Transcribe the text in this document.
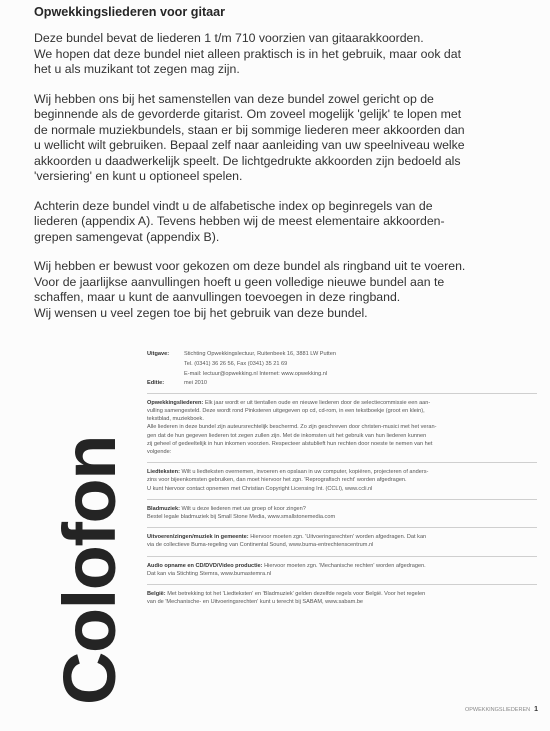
Opwekkingsliederen voor gitaar

Deze bundel bevat de liederen 1 t/m 710 voorzien van gitaarakkoorden.
We hopen dat deze bundel niet alleen praktisch is in het gebruik, maar ook dat
het u als muzikant tot zegen mag zijn.

Wij hebben ons bij het samenstellen van deze bundel zowel gericht op de
beginnende als de gevorderde gitarist. Om zoveel mogelijk 'gelijk' te lopen met
de normale muziekbundels, staan er bij sommige liederen meer akkoorden dan
u wellicht wilt gebruiken. Bepaal zelf naar aanleiding van uw speelniveau welke
akkoorden u daadwerkelijk speelt. De lichtgedrukte akkoorden zijn bedoeld als
'versiering' en kunt u optioneel spelen.

Achterin deze bundel vindt u de alfabetische index op beginregels van de
liederen (appendix A). Tevens hebben wij de meest elementaire akkoorden-
grepen samengevat (appendix B).

Wij hebben er bewust voor gekozen om deze bundel als ringband uit te voeren.
Voor de jaarlijkse aanvullingen hoeft u geen volledige nieuwe bundel aan te
schaffen, maar u kunt de aanvullingen toevoegen in deze ringband.
Wij wensen u veel zegen toe bij het gebruik van deze bundel.

Colofon
Uitgave:	Stichting Opwekkingslectuur, Ruitenbeek 16, 3881 LW Putten
Tel. (0341) 36 26 56, Fax (0341) 35 21 69
E-mail: lectuur@opwekking.nl Internet: www.opwekking.nl
Editie:	mei 2010

Opwekkingsliederen: Elk jaar wordt er uit tientallen oude en nieuwe liederen door de selectiecommissie een aan-

vulling samengesteld. Deze wordt rond Pinksteren uitgegeven op cd, cd-rom, in een tekstboekje (groot en klein),

tekstblad, muziekboek.

Alle liederen in deze bundel zijn auteursrechtelijk beschermd. Zo zijn geschreven door christen-musici met het veran-

gen dat de hun gegeven liederen tot zegen zullen zijn. Met de inkomsten uit het gebruik van hun liederen kunnen

zij geheel of gedeeltelijk in hun inkomen voorzien. Respecteer alstublieft hun rechten door noeste te nemen van het

volgende:

Liedteksten: Wilt u liedteksten overnemen, invoeren en opslaan in uw computer, kopiëren, projecteren of anders-

zins voor bijeenkomsten gebruiken, dan moet hiervoor het zgn. 'Reprografisch recht' worden afgedragen.

U kunt hiervoor contact opnemen met Christian Copyright Licensing Int. (CCLI), www.ccli.nl

Bladmuziek: Wilt u deze liederen met uw groep of koor zingen?

Bestel legale bladmuziek bij Small Stone Media, www.smallstonemedia.com

Uitvoeren/zingen/muziek in gemeente: Hiervoor moeten zgn. 'Uitvoeringsrechten' worden afgedragen. Dat kan

via de collectieve Buma-regeling van Continental Sound, www.buma-entrechtenscentrum.nl

Audio opname en CD/DVD/Video productie: Hiervoor moeten zgn. 'Mechanische rechten' worden afgedragen.

Dat kan via Stichting Stemra, www.bumastemra.nl

België: Met betrekking tot het 'Liedteksten' en 'Bladmuziek' gelden dezelfde regels voor België. Voor het regelen

van de 'Mechanische- en Uitvoeringsrechten' kunt u terecht bij SABAM, www.sabam.be

OPWEKKINGSLIEDEREN 1
